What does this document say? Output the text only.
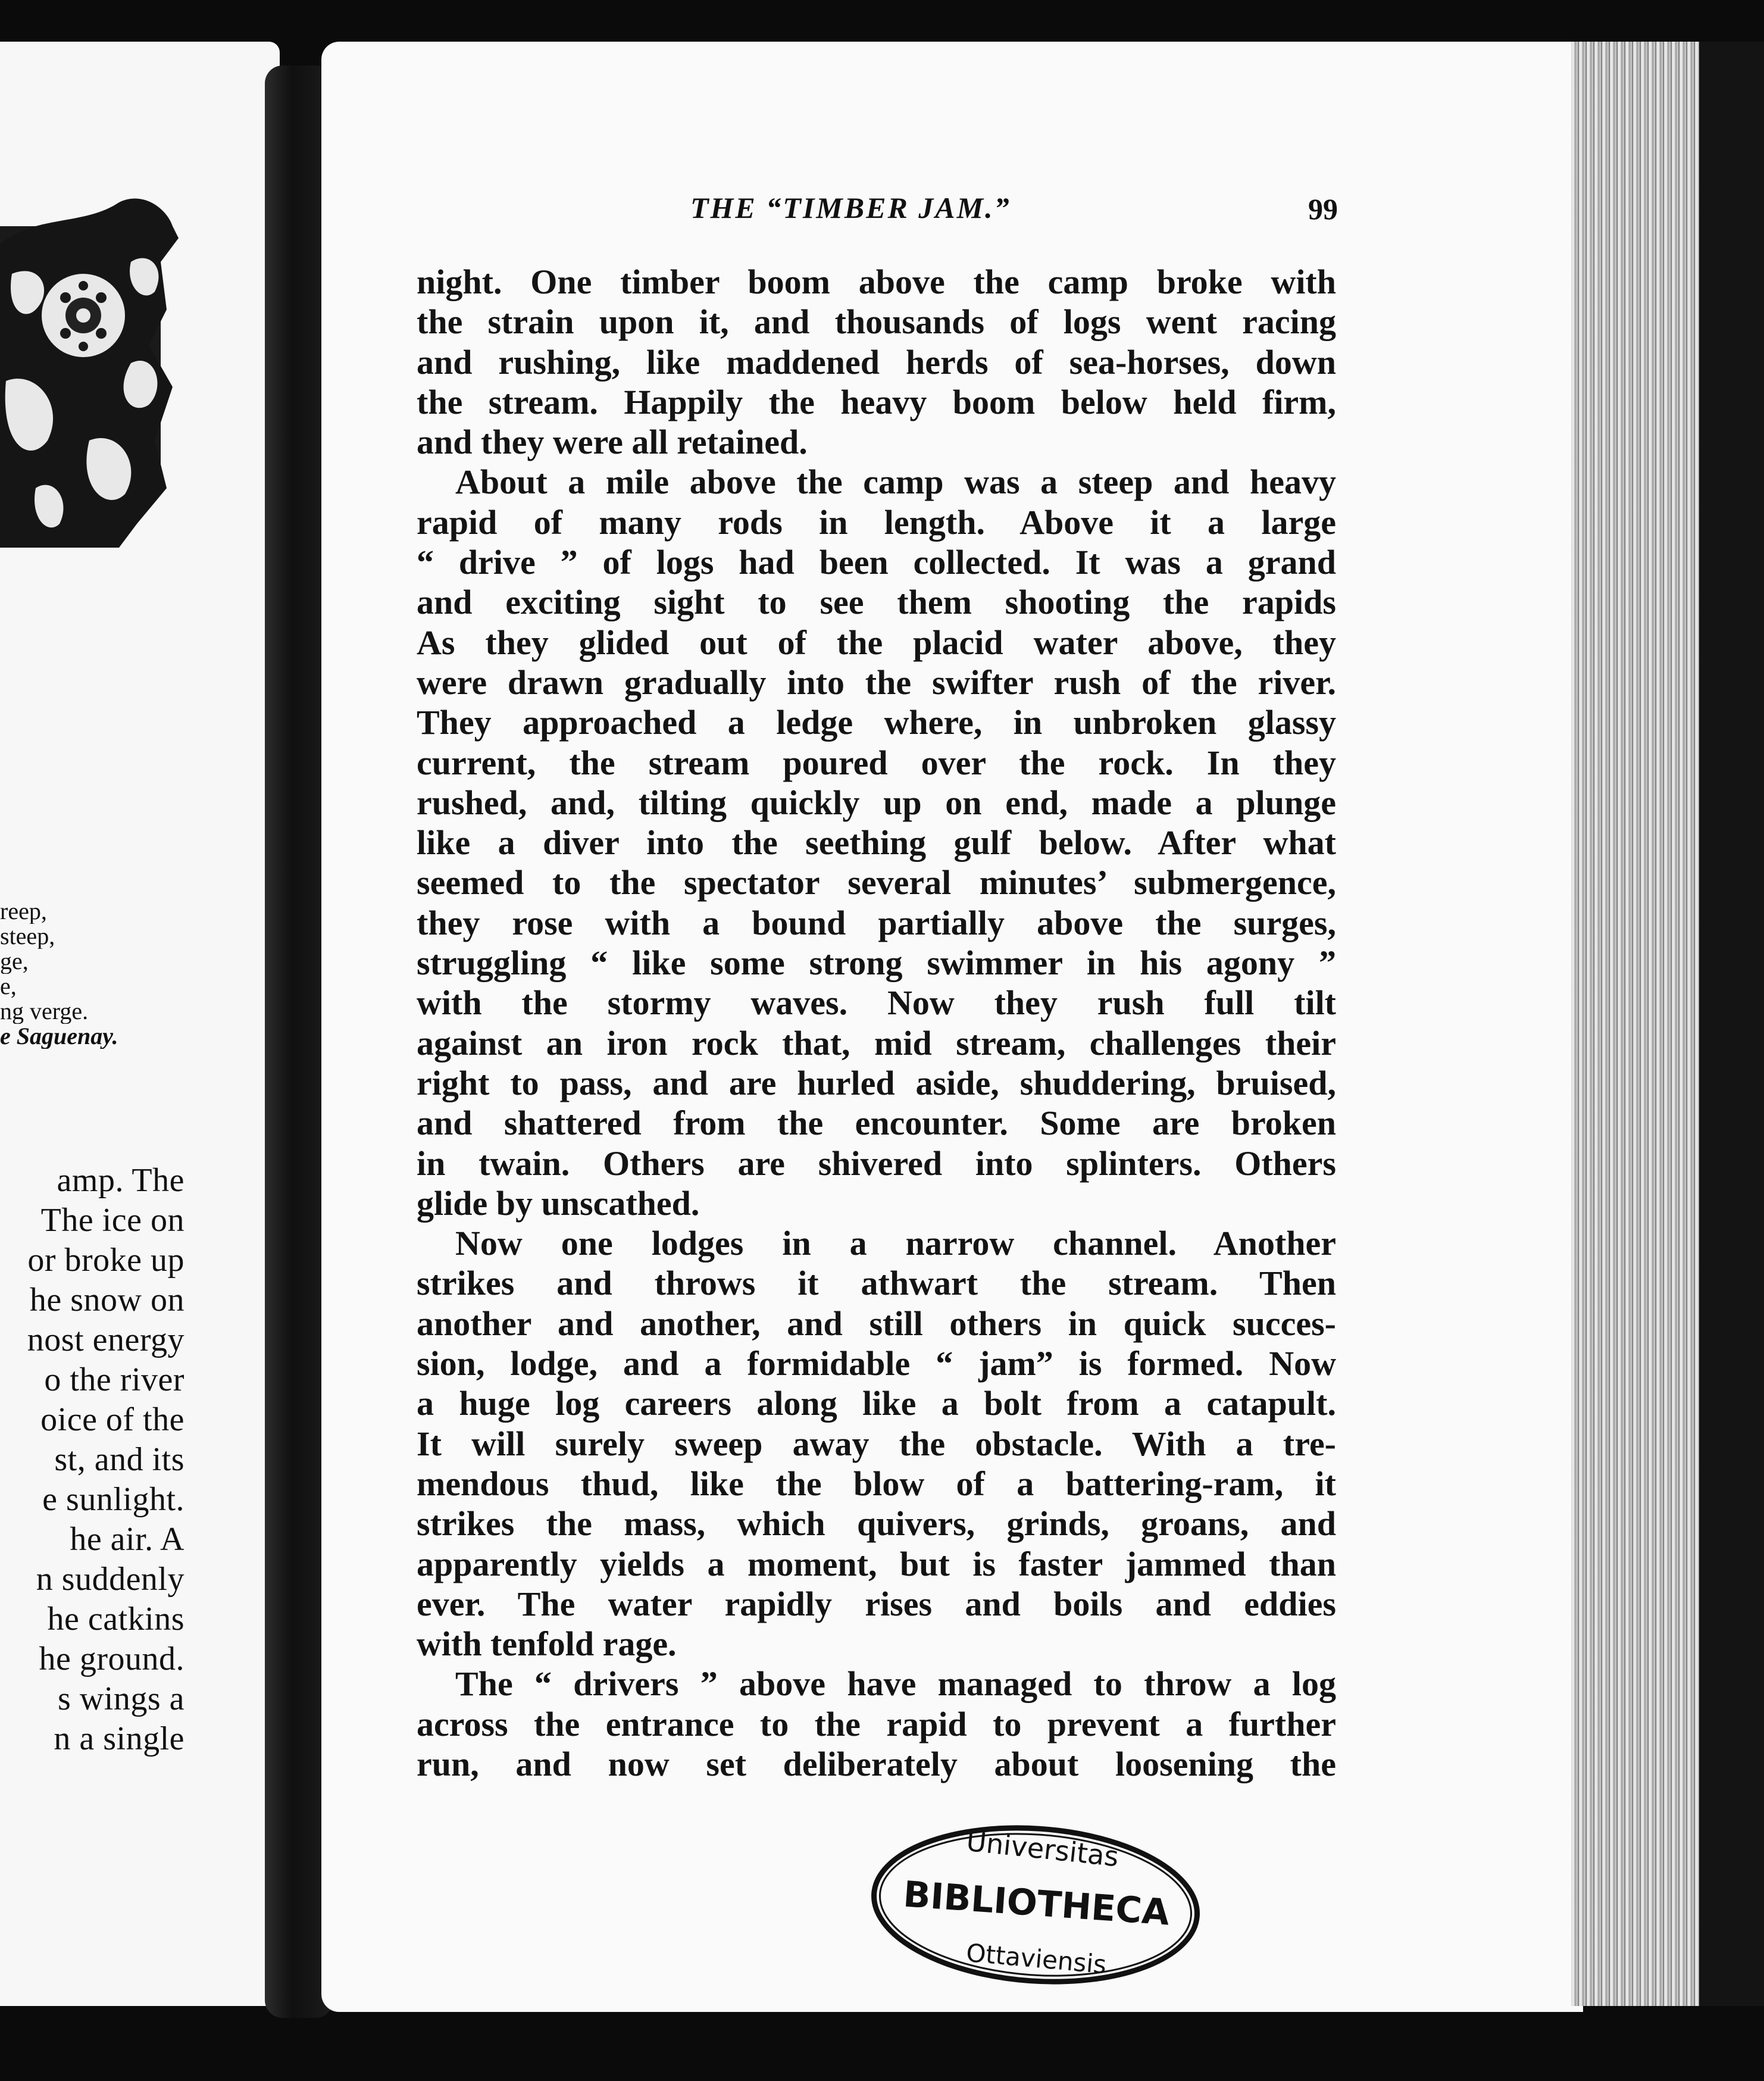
reep,
steep,
ge,
e,
ng verge.
e Saguenay.
amp. The
The ice on
or broke up
he snow on
nost energy
o the river
oice of the
st, and its
e sunlight.
he air. A
n suddenly
he catkins
he ground.
s wings a
n a single
THE “TIMBER JAM.”	99
night. One timber boom above the camp broke with
the strain upon it, and thousands of logs went racing
and rushing, like maddened herds of sea-horses, down
the stream. Happily the heavy boom below held firm,
and they were all retained.
About a mile above the camp was a steep and heavy
rapid of many rods in length. Above it a large
“ drive ” of logs had been collected. It was a grand
and exciting sight to see them shooting the rapids
As they glided out of the placid water above, they
were drawn gradually into the swifter rush of the river.
They approached a ledge where, in unbroken glassy
current, the stream poured over the rock. In they
rushed, and, tilting quickly up on end, made a plunge
like a diver into the seething gulf below. After what
seemed to the spectator several minutes’ submergence,
they rose with a bound partially above the surges,
struggling “ like some strong swimmer in his agony ”
with the stormy waves. Now they rush full tilt
against an iron rock that, mid stream, challenges their
right to pass, and are hurled aside, shuddering, bruised,
and shattered from the encounter. Some are broken
in twain. Others are shivered into splinters. Others
glide by unscathed.
Now one lodges in a narrow channel. Another
strikes and throws it athwart the stream. Then
another and another, and still others in quick succes-
sion, lodge, and a formidable “ jam” is formed. Now
a huge log careers along like a bolt from a catapult.
It will surely sweep away the obstacle. With a tre-
mendous thud, like the blow of a battering-ram, it
strikes the mass, which quivers, grinds, groans, and
apparently yields a moment, but is faster jammed than
ever. The water rapidly rises and boils and eddies
with tenfold rage.
The “ drivers ” above have managed to throw a log
across the entrance to the rapid to prevent a further
run, and now set deliberately about loosening the
Universitas
BIBLIOTHECA
Ottaviensis
